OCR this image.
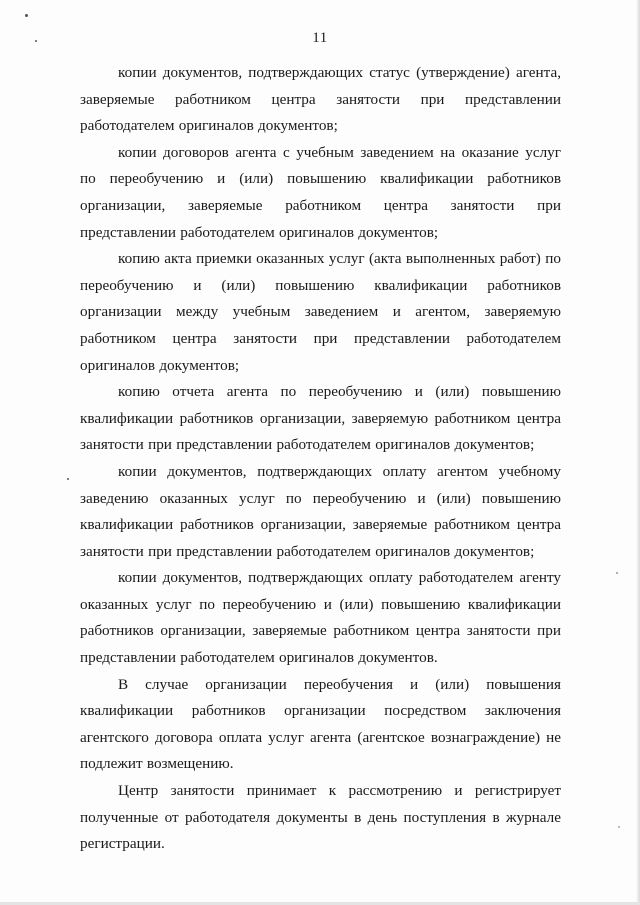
11

копии документов, подтверждающих статус (утверждение) агента, заверяемые работником центра занятости при представлении работодателем оригиналов документов;

копии договоров агента с учебным заведением на оказание услуг по переобучению и (или) повышению квалификации работников организации, заверяемые работником центра занятости при представлении работодателем оригиналов документов;

копию акта приемки оказанных услуг (акта выполненных работ) по переобучению и (или) повышению квалификации работников организации между учебным заведением и агентом, заверяемую работником центра занятости при представлении работодателем оригиналов документов;

копию отчета агента по переобучению и (или) повышению квалификации работников организации, заверяемую работником центра занятости при представлении работодателем оригиналов документов;

копии документов, подтверждающих оплату агентом учебному заведению оказанных услуг по переобучению и (или) повышению квалификации работников организации, заверяемые работником центра занятости при представлении работодателем оригиналов документов;

копии документов, подтверждающих оплату работодателем агенту оказанных услуг по переобучению и (или) повышению квалификации работников организации, заверяемые работником центра занятости при представлении работодателем оригиналов документов.

В случае организации переобучения и (или) повышения квалификации работников организации посредством заключения агентского договора оплата услуг агента (агентское вознаграждение) не подлежит возмещению.

Центр занятости принимает к рассмотрению и регистрирует полученные от работодателя документы в день поступления в журнале регистрации.
